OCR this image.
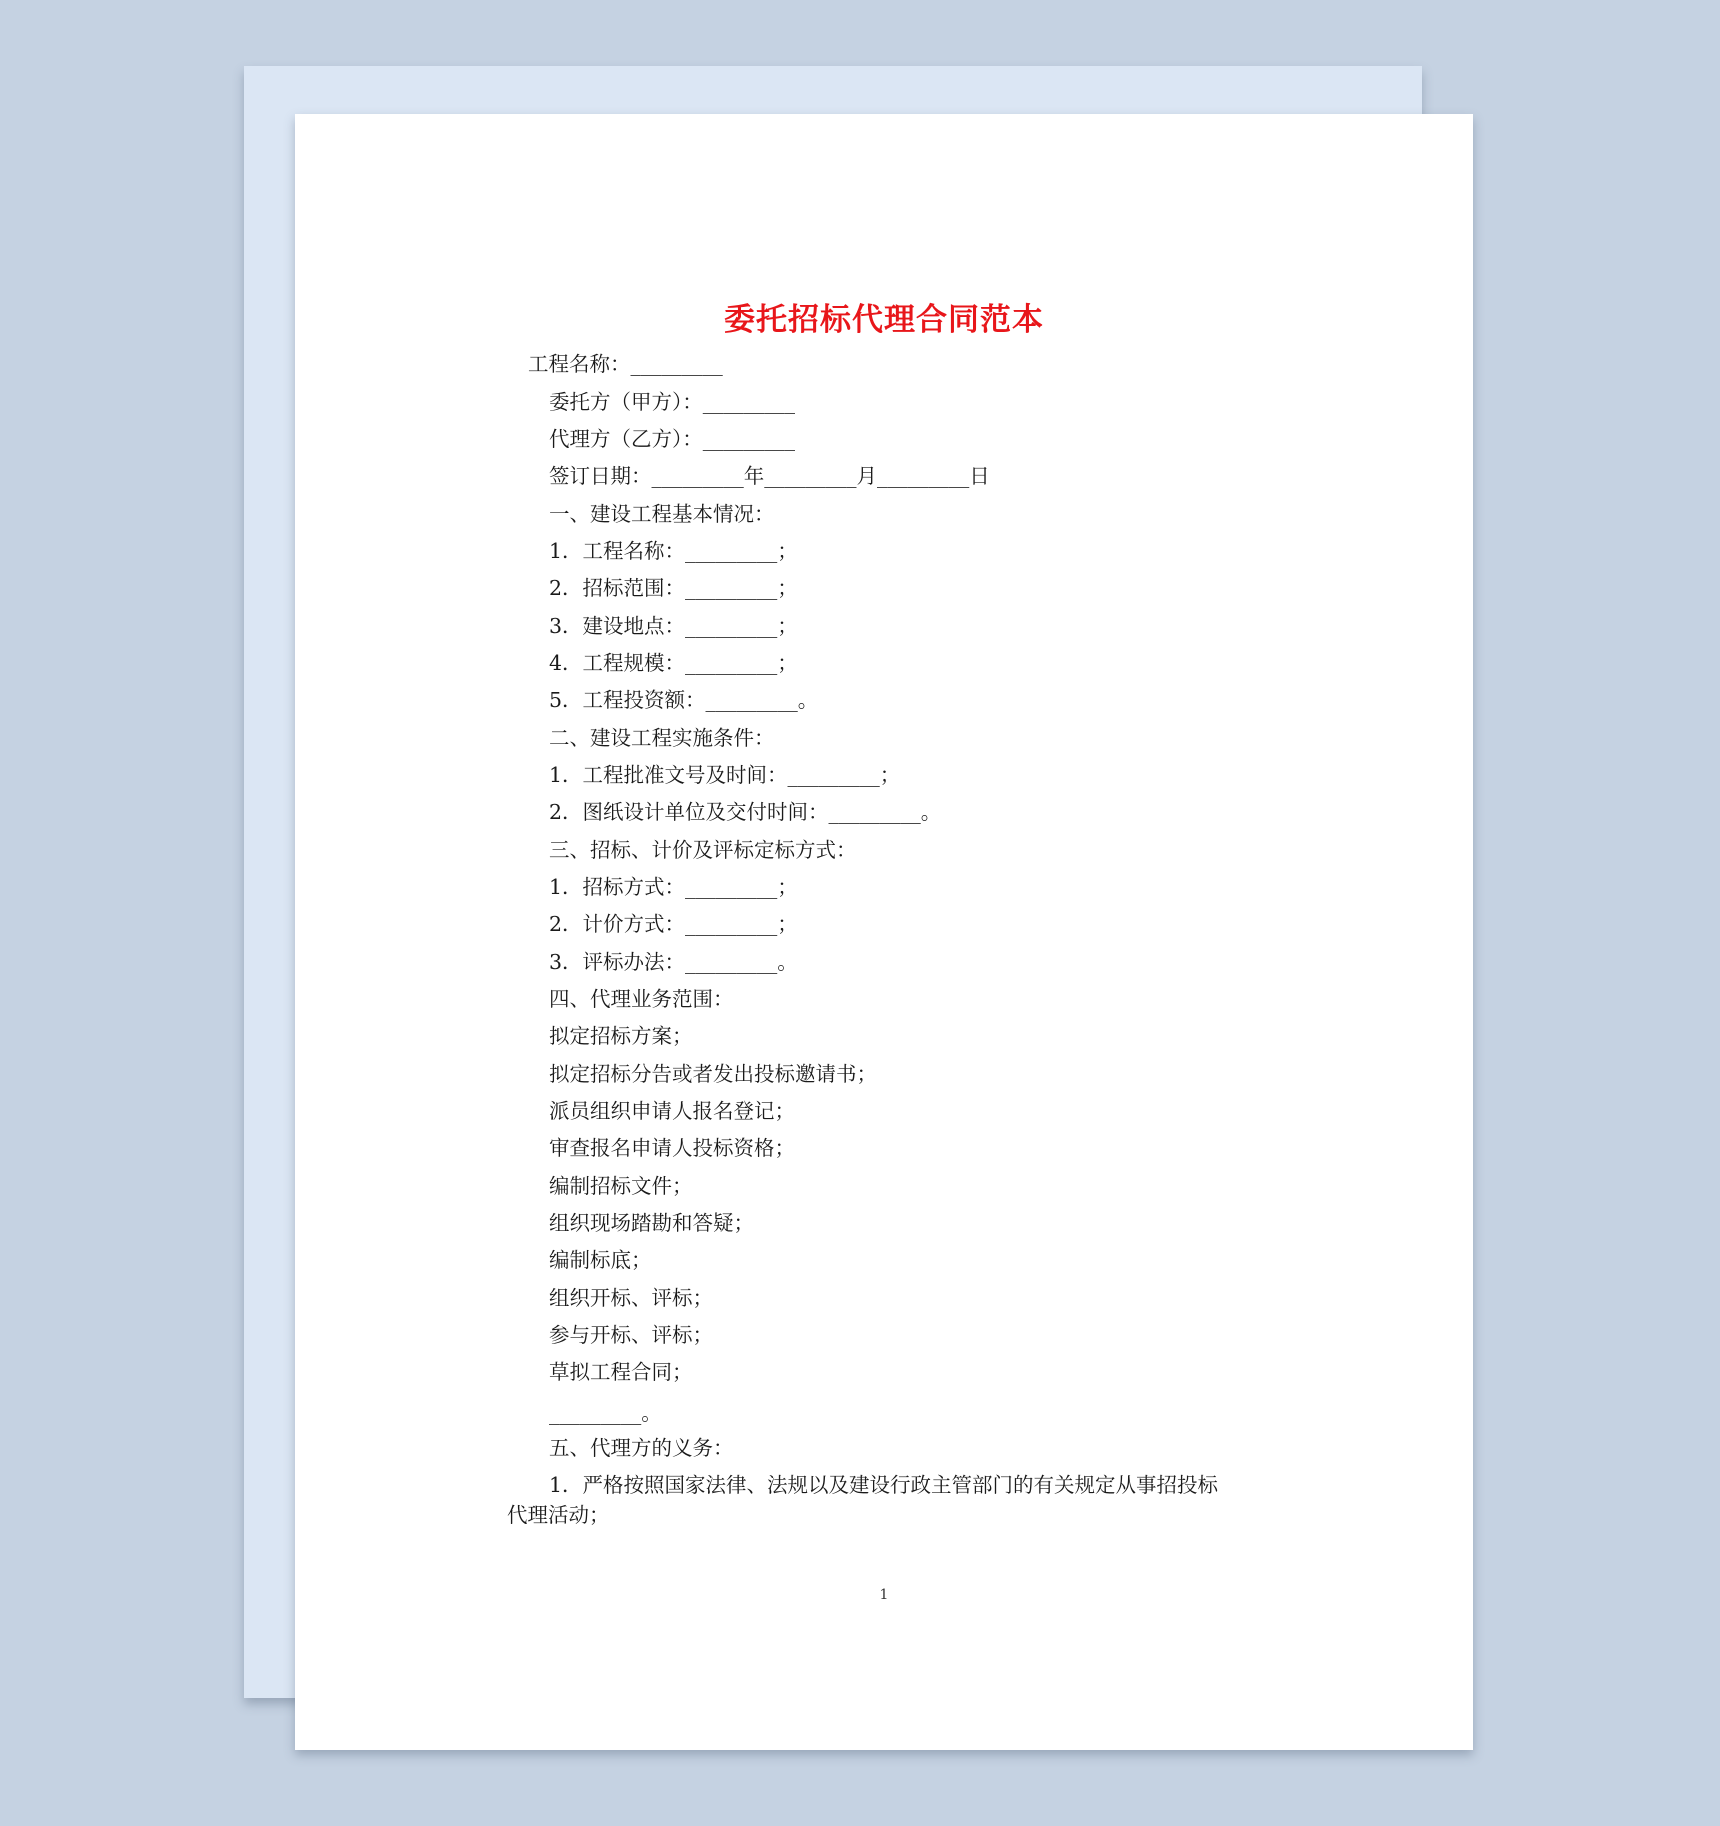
委托招标代理合同范本

工程名称：_________

委托方（甲方）：_________

代理方（乙方）：_________

签订日期：_________年_________月_________日

一、建设工程基本情况：

1．工程名称：_________；

2．招标范围：_________；

3．建设地点：_________；

4．工程规模：_________；

5．工程投资额：_________。

二、建设工程实施条件：

1．工程批准文号及时间：_________；

2．图纸设计单位及交付时间：_________。

三、招标、计价及评标定标方式：

1．招标方式：_________；

2．计价方式：_________；

3．评标办法：_________。

四、代理业务范围：

拟定招标方案；

拟定招标分告或者发出投标邀请书；

派员组织申请人报名登记；

审查报名申请人投标资格；

编制招标文件；

组织现场踏勘和答疑；

编制标底；

组织开标、评标；

参与开标、评标；

草拟工程合同；

_________。

五、代理方的义务：

1．严格按照国家法律、法规以及建设行政主管部门的有关规定从事招投标

代理活动；

1
